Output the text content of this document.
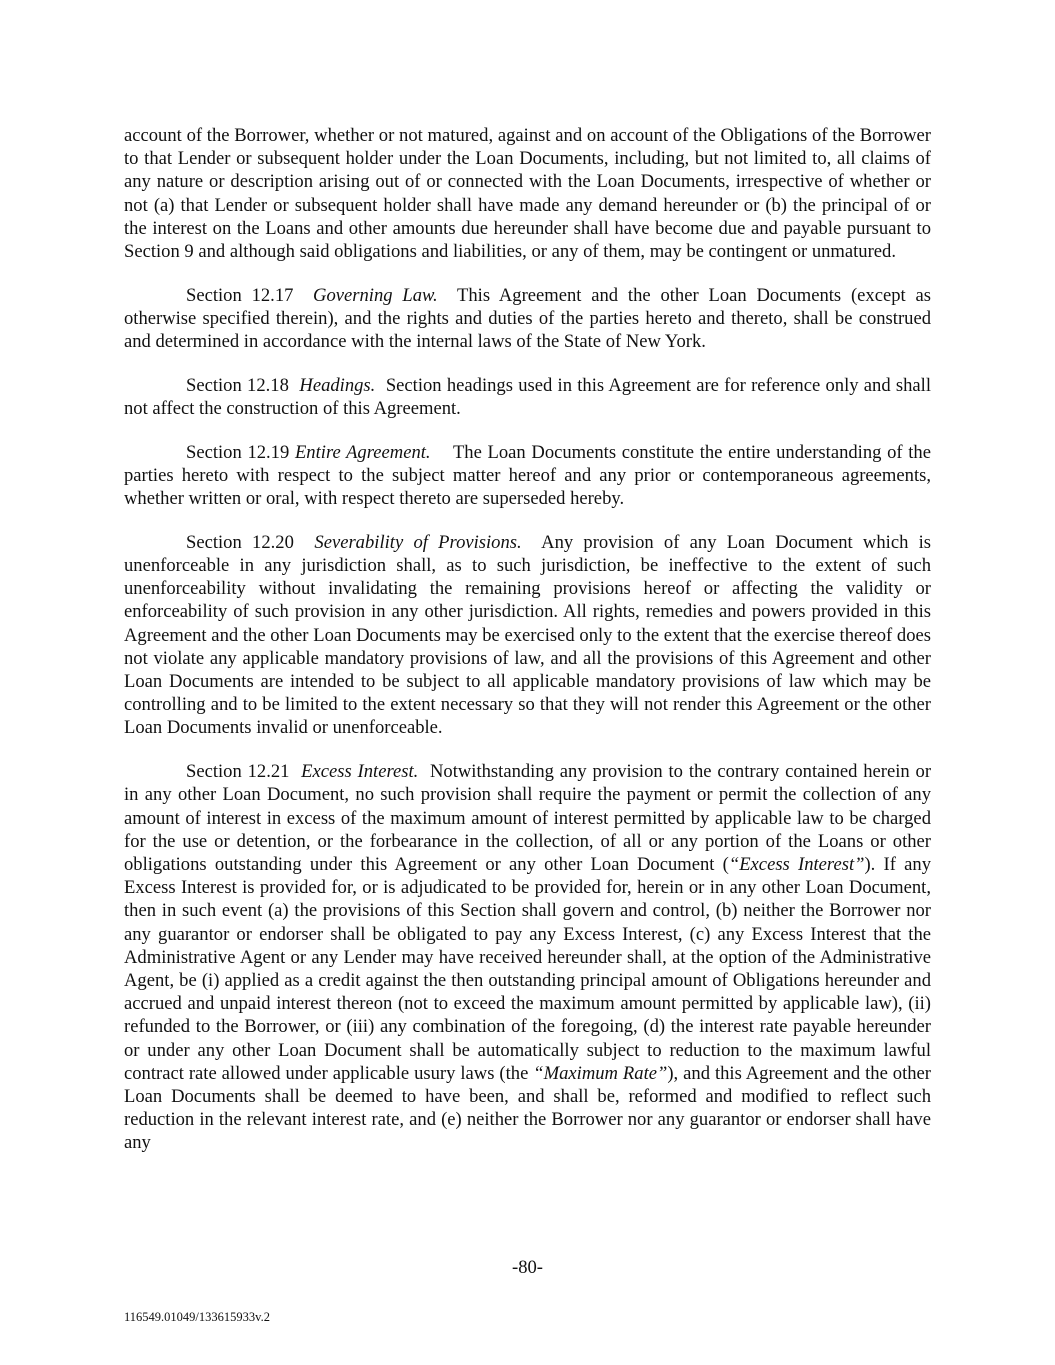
account of the Borrower, whether or not matured, against and on account of the Obligations of the Borrower to that Lender or subsequent holder under the Loan Documents, including, but not limited to, all claims of any nature or description arising out of or connected with the Loan Documents, irrespective of whether or not (a) that Lender or subsequent holder shall have made any demand hereunder or (b) the principal of or the interest on the Loans and other amounts due hereunder shall have become due and payable pursuant to Section 9 and although said obligations and liabilities, or any of them, may be contingent or unmatured.

Section 12.17 Governing Law. This Agreement and the other Loan Documents (except as otherwise specified therein), and the rights and duties of the parties hereto and thereto, shall be construed and determined in accordance with the internal laws of the State of New York.

Section 12.18 Headings. Section headings used in this Agreement are for reference only and shall not affect the construction of this Agreement.

Section 12.19 Entire Agreement. The Loan Documents constitute the entire understanding of the parties hereto with respect to the subject matter hereof and any prior or contemporaneous agreements, whether written or oral, with respect thereto are superseded hereby.

Section 12.20 Severability of Provisions. Any provision of any Loan Document which is unenforceable in any jurisdiction shall, as to such jurisdiction, be ineffective to the extent of such unenforceability without invalidating the remaining provisions hereof or affecting the validity or enforceability of such provision in any other jurisdiction. All rights, remedies and powers provided in this Agreement and the other Loan Documents may be exercised only to the extent that the exercise thereof does not violate any applicable mandatory provisions of law, and all the provisions of this Agreement and other Loan Documents are intended to be subject to all applicable mandatory provisions of law which may be controlling and to be limited to the extent necessary so that they will not render this Agreement or the other Loan Documents invalid or unenforceable.

Section 12.21 Excess Interest. Notwithstanding any provision to the contrary contained herein or in any other Loan Document, no such provision shall require the payment or permit the collection of any amount of interest in excess of the maximum amount of interest permitted by applicable law to be charged for the use or detention, or the forbearance in the collection, of all or any portion of the Loans or other obligations outstanding under this Agreement or any other Loan Document (“Excess Interest”). If any Excess Interest is provided for, or is adjudicated to be provided for, herein or in any other Loan Document, then in such event (a) the provisions of this Section shall govern and control, (b) neither the Borrower nor any guarantor or endorser shall be obligated to pay any Excess Interest, (c) any Excess Interest that the Administrative Agent or any Lender may have received hereunder shall, at the option of the Administrative Agent, be (i) applied as a credit against the then outstanding principal amount of Obligations hereunder and accrued and unpaid interest thereon (not to exceed the maximum amount permitted by applicable law), (ii) refunded to the Borrower, or (iii) any combination of the foregoing, (d) the interest rate payable hereunder or under any other Loan Document shall be automatically subject to reduction to the maximum lawful contract rate allowed under applicable usury laws (the “Maximum Rate”), and this Agreement and the other Loan Documents shall be deemed to have been, and shall be, reformed and modified to reflect such reduction in the relevant interest rate, and (e) neither the Borrower nor any guarantor or endorser shall have any

-80-
116549.01049/133615933v.2
